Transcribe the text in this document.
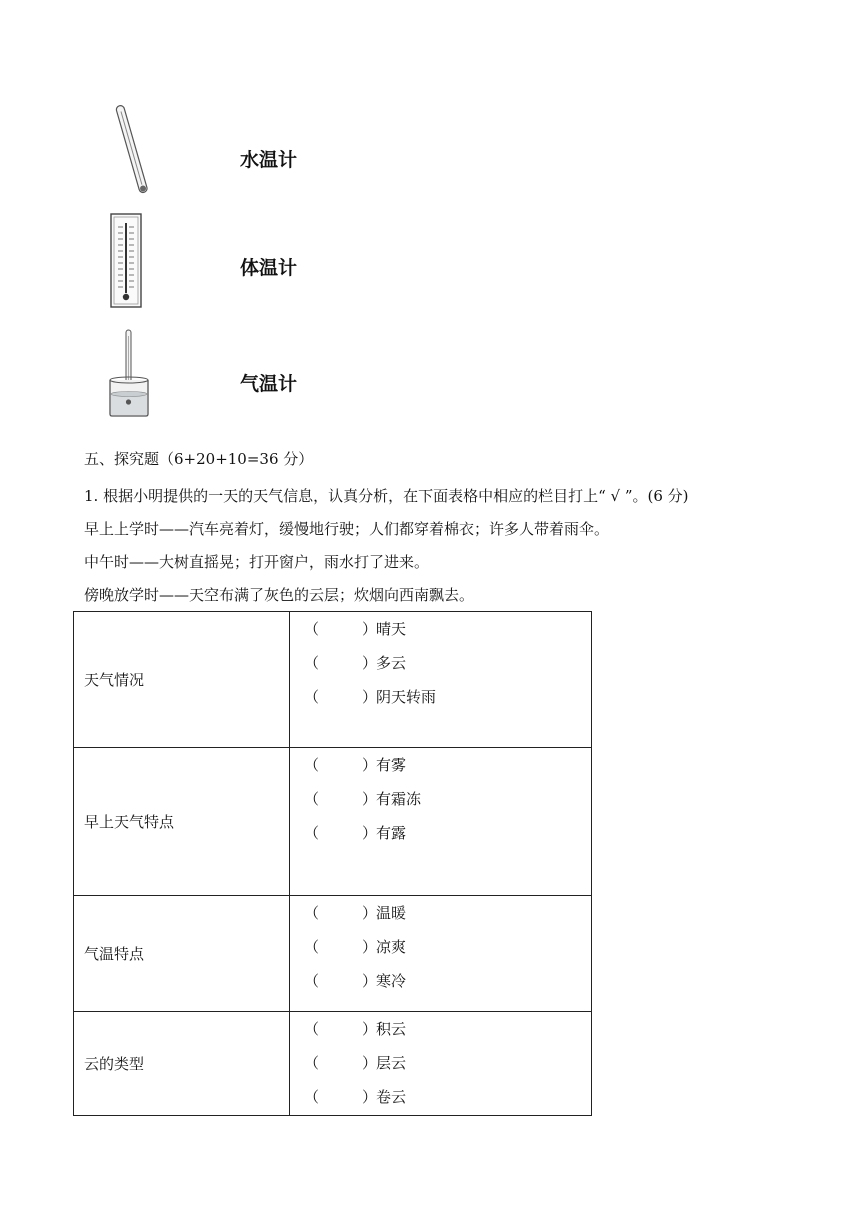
水温计
体温计
气温计
五、探究题（6+20+10=36 分）
1. 根据小明提供的一天的天气信息，认真分析，在下面表格中相应的栏目打上“ √ ”。(6 分)
早上上学时——汽车亮着灯，缓慢地行驶；人们都穿着棉衣；许多人带着雨伞。
中午时——大树直摇晃；打开窗户，雨水打了进来。
傍晚放学时——天空布满了灰色的云层；炊烟向西南飘去。
天气情况	（ ）晴天
（ ）多云
（ ）阴天转雨

早上天气特点	（ ）有雾
（ ）有霜冻
（ ）有露

气温特点	（ ）温暖
（ ）凉爽
（ ）寒冷

云的类型	（ ）积云
（ ）层云
（ ）卷云
